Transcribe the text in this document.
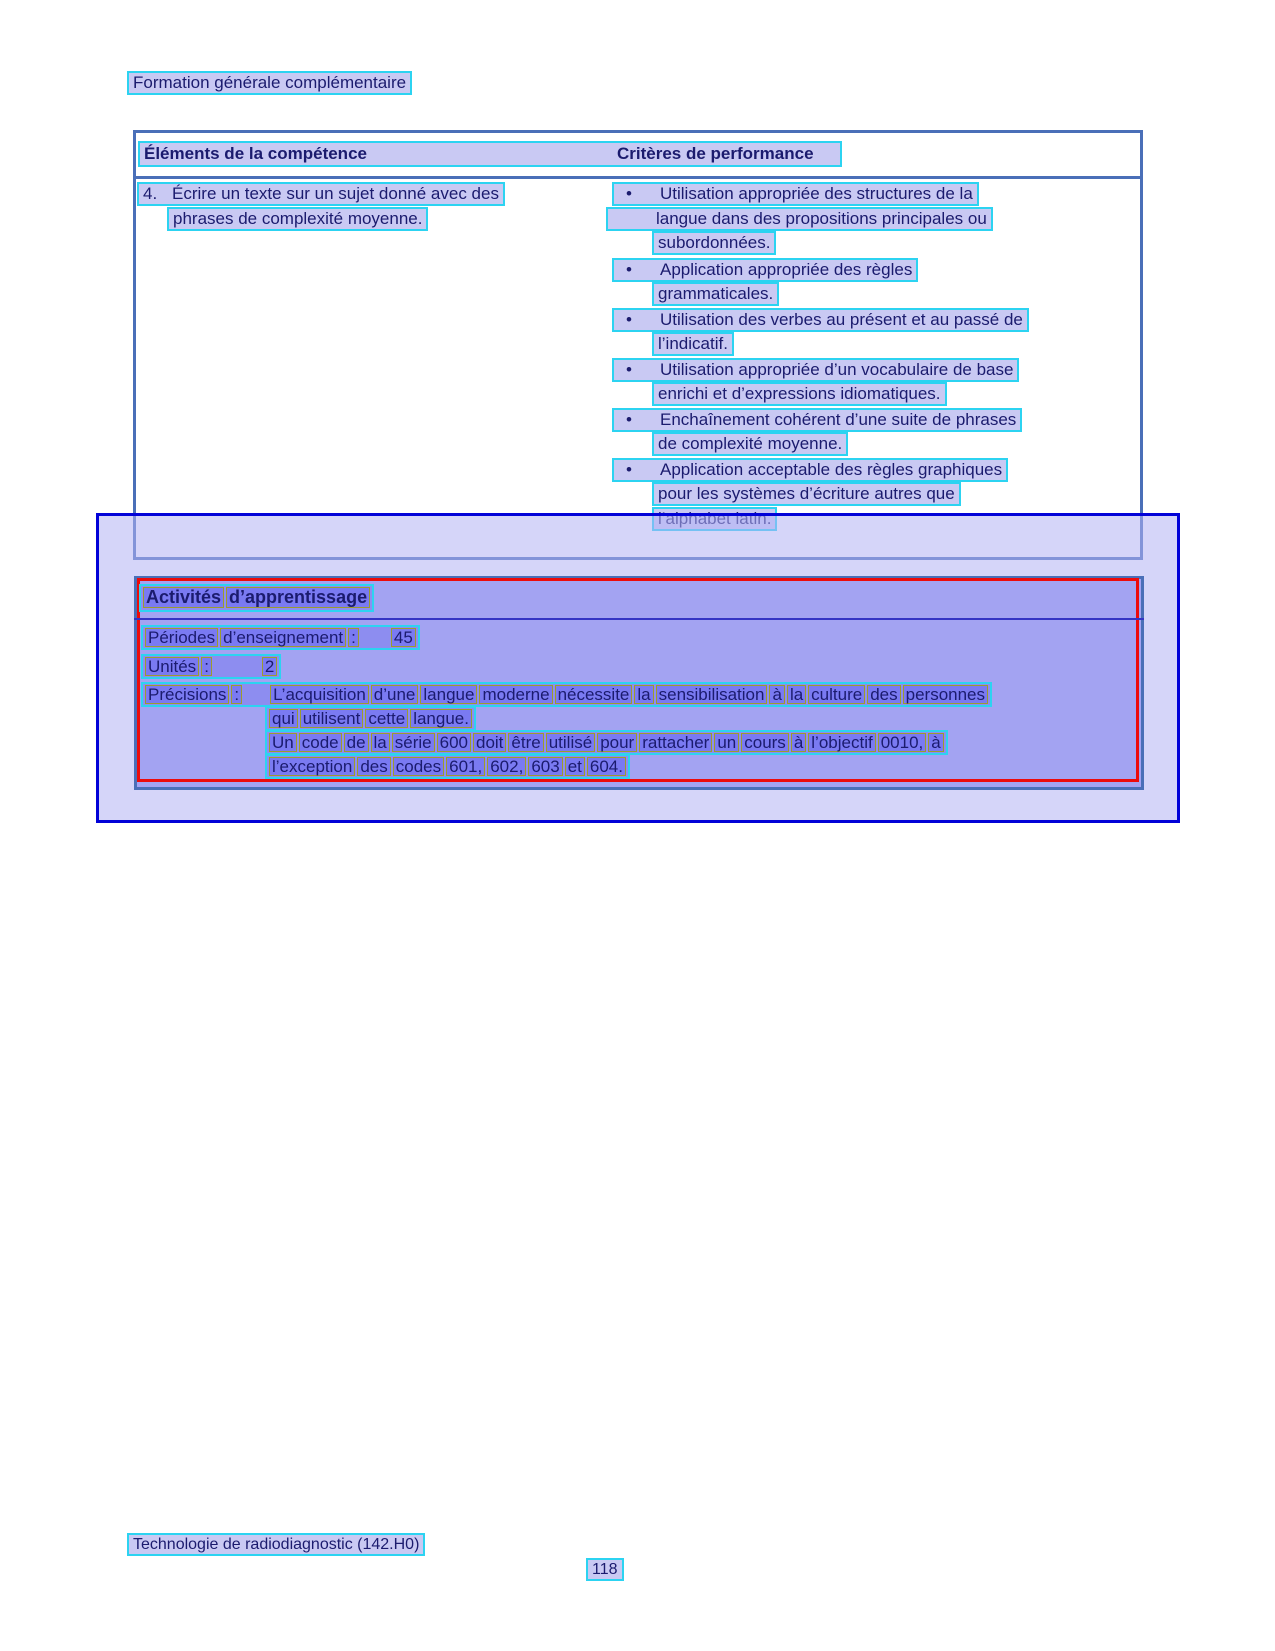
Formation générale complémentaire
Éléments de la compétence	Critères de performance
4. Écrire un texte sur un sujet donné avec des
phrases de complexité moyenne.
• Utilisation appropriée des structures de la
langue dans des propositions principales ou
subordonnées.
• Application appropriée des règles
grammaticales.
• Utilisation des verbes au présent et au passé de
l’indicatif.
• Utilisation appropriée d’un vocabulaire de base
enrichi et d’expressions idiomatiques.
• Enchaînement cohérent d’une suite de phrases
de complexité moyenne.
• Application acceptable des règles graphiques
pour les systèmes d’écriture autres que
Activités d’apprentissage
Périodes d’enseignement : 45
Unités :	2
Précisions : L’acquisition d’une langue moderne nécessite la sensibilisation à la culture des personnes
qui utilisent cette langue.
Un code de la série 600 doit être utilisé pour rattacher un cours à l’objectif 0010, à
l’exception des codes 601, 602, 603 et 604.
Technologie de radiodiagnostic (142.H0)
118
